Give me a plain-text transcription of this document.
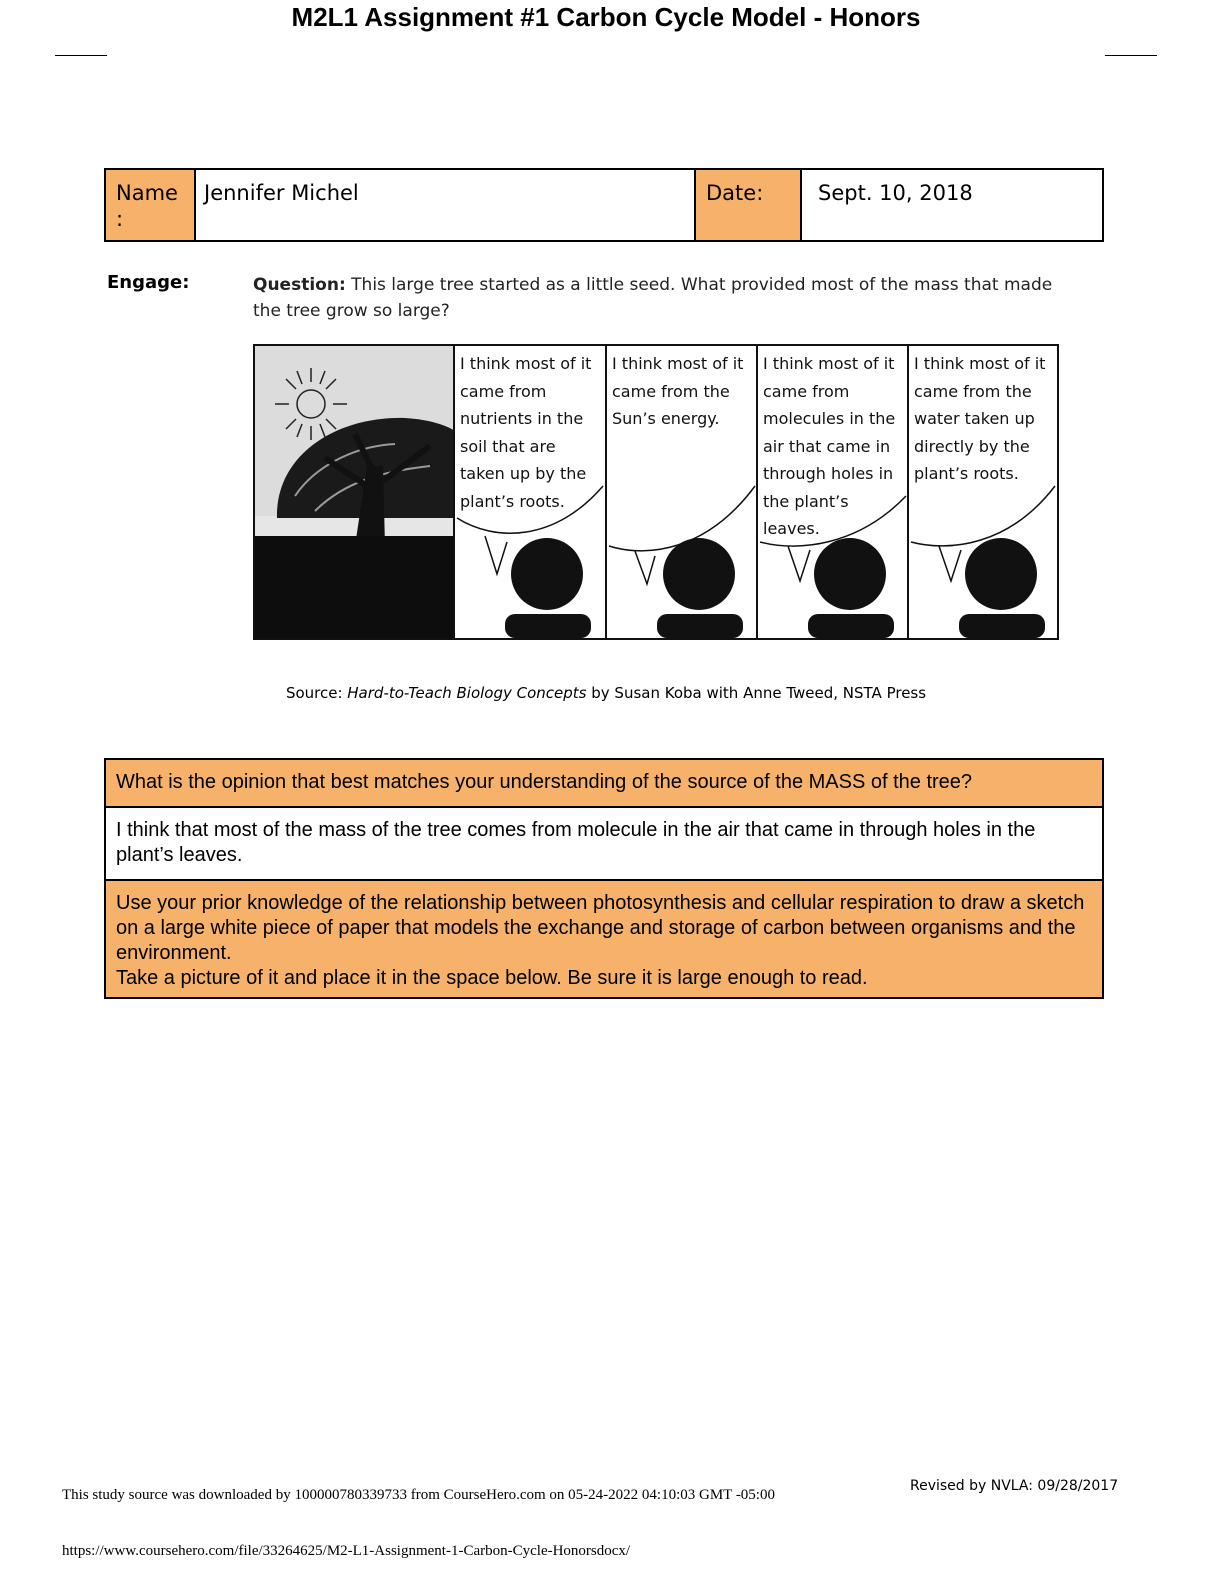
M2L1 Assignment #1 Carbon Cycle Model - Honors
Name
:
Jennifer Michel	Date:	Sept. 10, 2018
Engage:	Question: This large tree started as a little seed. What provided most of the mass that made the tree grow so large?
I think most of it came from nutrients in the soil that are taken up by the plant’s roots.
I think most of it came from the Sun’s energy.
I think most of it came from molecules in the air that came in through holes in the plant’s leaves.
I think most of it came from the water taken up directly by the plant’s roots.
Source: Hard-to-Teach Biology Concepts by Susan Koba with Anne Tweed, NSTA Press
What is the opinion that best matches your understanding of the source of the MASS of the tree?
I think that most of the mass of the tree comes from molecule in the air that came in through holes in the plant’s leaves.
Use your prior knowledge of the relationship between photosynthesis and cellular respiration to draw a sketch on a large white piece of paper that models the exchange and storage of carbon between organisms and the environment.
Take a picture of it and place it in the space below. Be sure it is large enough to read.
Revised by NVLA: 09/28/2017
This study source was downloaded by 100000780339733 from CourseHero.com on 05-24-2022 04:10:03 GMT -05:00
https://www.coursehero.com/file/33264625/M2-L1-Assignment-1-Carbon-Cycle-Honorsdocx/
